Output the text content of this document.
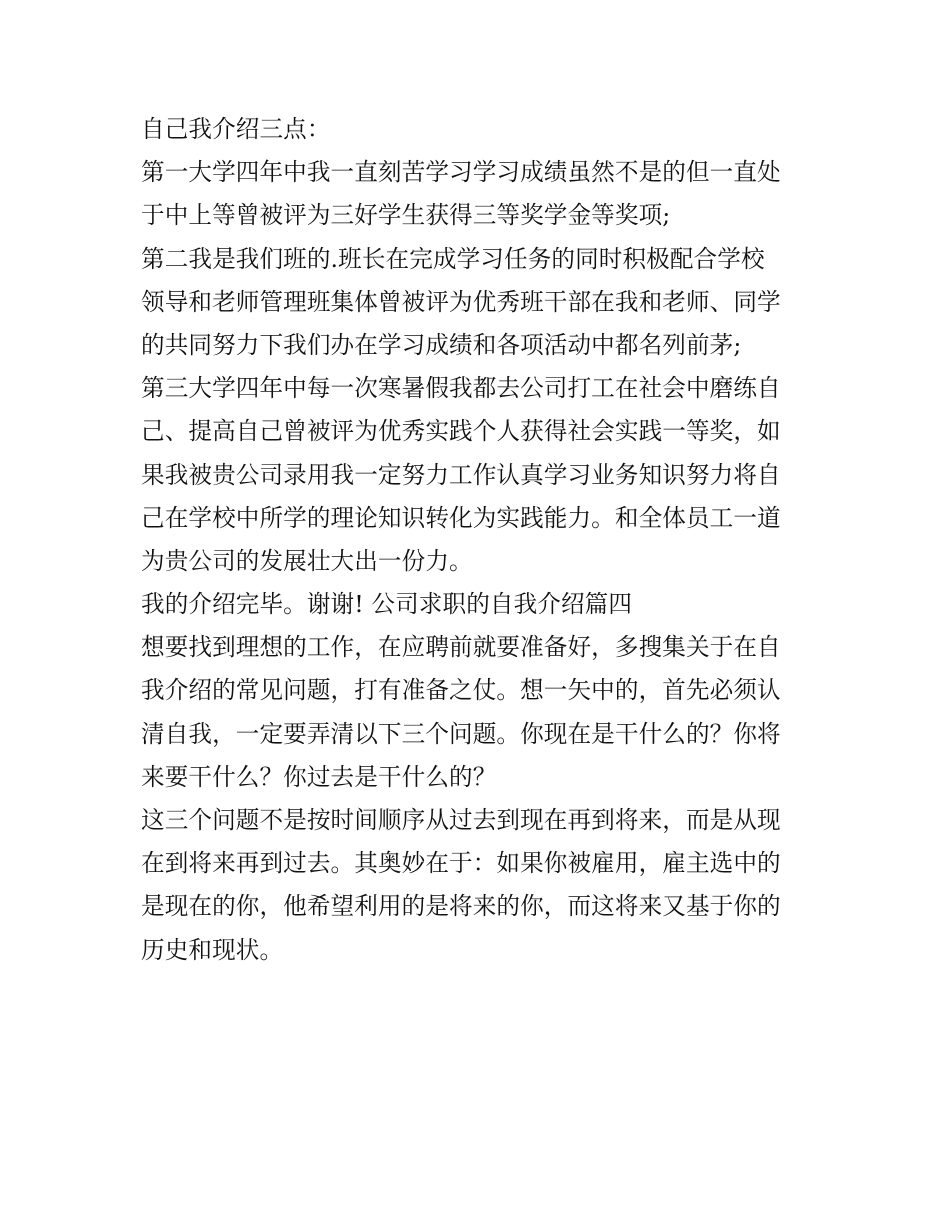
自己我介绍三点：
第一大学四年中我一直刻苦学习学习成绩虽然不是的但一直处
于中上等曾被评为三好学生获得三等奖学金等奖项;
第二我是我们班的.班长在完成学习任务的同时积极配合学校
领导和老师管理班集体曾被评为优秀班干部在我和老师、同学
的共同努力下我们办在学习成绩和各项活动中都名列前茅;
第三大学四年中每一次寒暑假我都去公司打工在社会中磨练自
己、提高自己曾被评为优秀实践个人获得社会实践一等奖，如
果我被贵公司录用我一定努力工作认真学习业务知识努力将自
己在学校中所学的理论知识转化为实践能力。和全体员工一道
为贵公司的发展壮大出一份力。
我的介绍完毕。谢谢! 公司求职的自我介绍篇四
想要找到理想的工作，在应聘前就要准备好，多搜集关于在自
我介绍的常见问题，打有准备之仗。想一矢中的，首先必须认
清自我，一定要弄清以下三个问题。你现在是干什么的？你将
来要干什么？你过去是干什么的？
这三个问题不是按时间顺序从过去到现在再到将来，而是从现
在到将来再到过去。其奥妙在于：如果你被雇用，雇主选中的
是现在的你，他希望利用的是将来的你，而这将来又基于你的
历史和现状。
